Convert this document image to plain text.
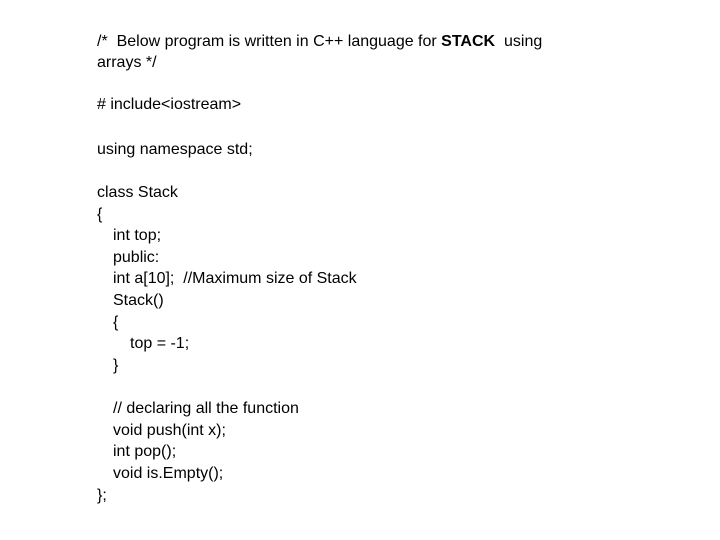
/*  Below program is written in C++ language for STACK  using
arrays */
# include<iostream>
using namespace std;
class Stack
{
int top;
public:
int a[10];  //Maximum size of Stack
Stack()
{
top = -1;
}
// declaring all the function
void push(int x);
int pop();
void is.Empty();
};
